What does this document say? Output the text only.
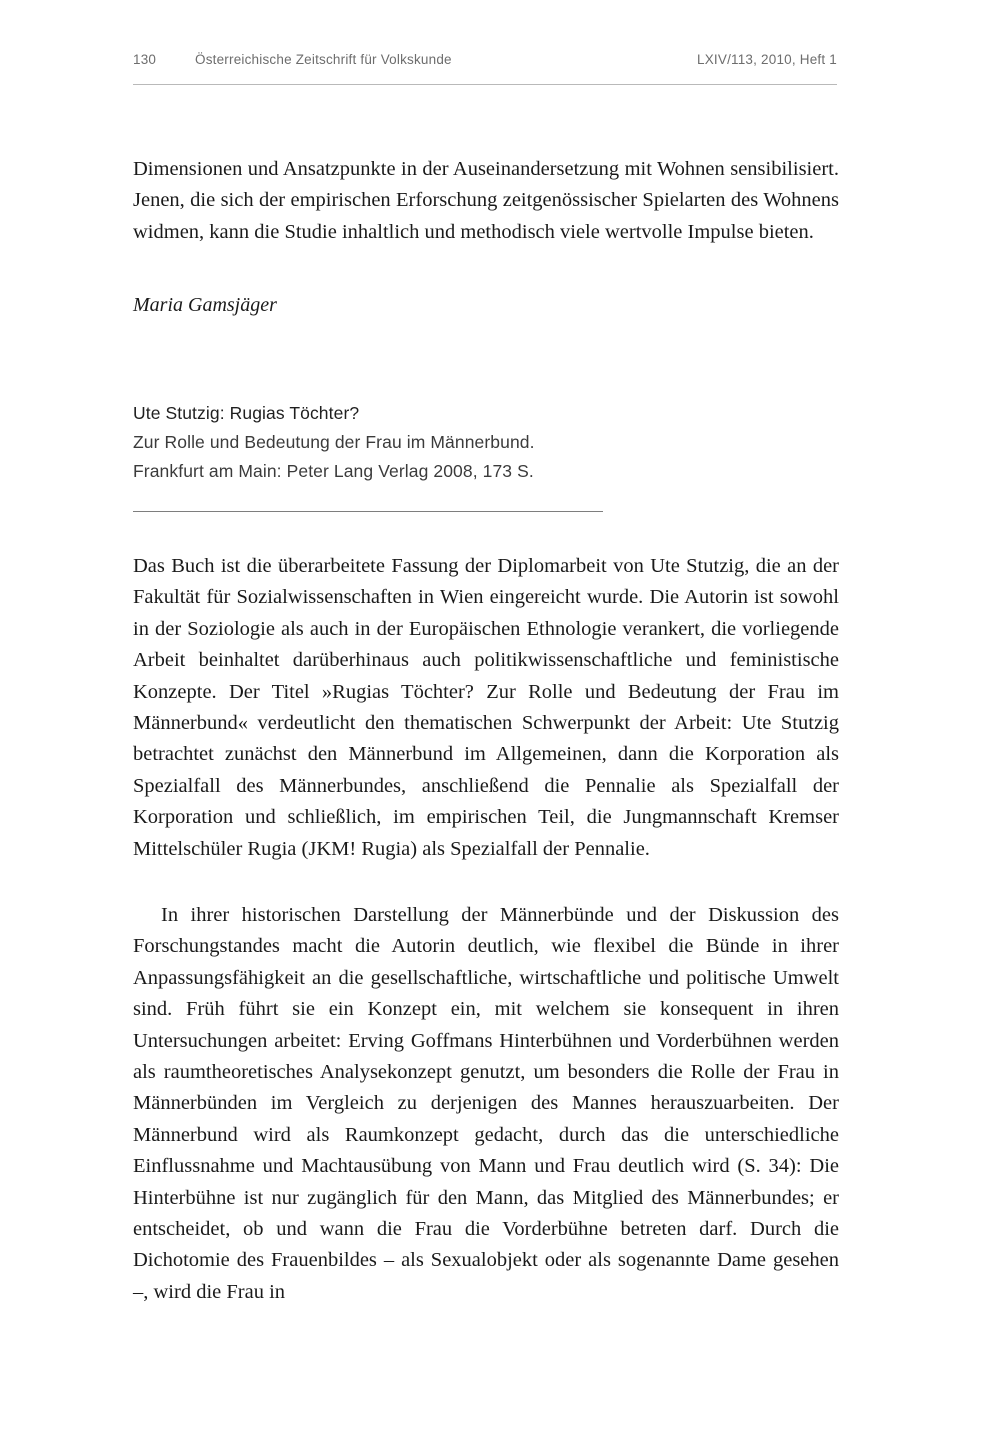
130	Österreichische Zeitschrift für Volkskunde	LXIV/113, 2010, Heft 1

Dimensionen und Ansatzpunkte in der Auseinandersetzung mit Wohnen sensibilisiert. Jenen, die sich der empirischen Erforschung zeitgenössischer Spielarten des Wohnens widmen, kann die Studie inhaltlich und methodisch viele wertvolle Impulse bieten.

Maria Gamsjäger

Ute Stutzig: Rugias Töchter?
Zur Rolle und Bedeutung der Frau im Männerbund.
Frankfurt am Main: Peter Lang Verlag 2008, 173 S.

Das Buch ist die überarbeitete Fassung der Diplomarbeit von Ute Stutzig, die an der Fakultät für Sozialwissenschaften in Wien eingereicht wurde. Die Autorin ist sowohl in der Soziologie als auch in der Europäischen Ethnologie verankert, die vorliegende Arbeit beinhaltet darüberhinaus auch politikwissenschaftliche und feministische Konzepte. Der Titel »Rugias Töchter? Zur Rolle und Bedeutung der Frau im Männerbund« verdeutlicht den thematischen Schwerpunkt der Arbeit: Ute Stutzig betrachtet zunächst den Männerbund im Allgemeinen, dann die Korporation als Spezialfall des Männerbundes, anschließend die Pennalie als Spezialfall der Korporation und schließlich, im empirischen Teil, die Jungmannschaft Kremser Mittelschüler Rugia (JKM! Rugia) als Spezialfall der Pennalie.

In ihrer historischen Darstellung der Männerbünde und der Diskussion des Forschungstandes macht die Autorin deutlich, wie flexibel die Bünde in ihrer Anpassungsfähigkeit an die gesellschaftliche, wirtschaftliche und politische Umwelt sind. Früh führt sie ein Konzept ein, mit welchem sie konsequent in ihren Untersuchungen arbeitet: Erving Goffmans Hinterbühnen und Vorderbühnen werden als raumtheoretisches Analysekonzept genutzt, um besonders die Rolle der Frau in Männerbünden im Vergleich zu derjenigen des Mannes herauszuarbeiten. Der Männerbund wird als Raumkonzept gedacht, durch das die unterschiedliche Einflussnahme und Machtausübung von Mann und Frau deutlich wird (S. 34): Die Hinterbühne ist nur zugänglich für den Mann, das Mitglied des Männerbundes; er entscheidet, ob und wann die Frau die Vorderbühne betreten darf. Durch die Dichotomie des Frauenbildes – als Sexualobjekt oder als sogenannte Dame gesehen –, wird die Frau in
